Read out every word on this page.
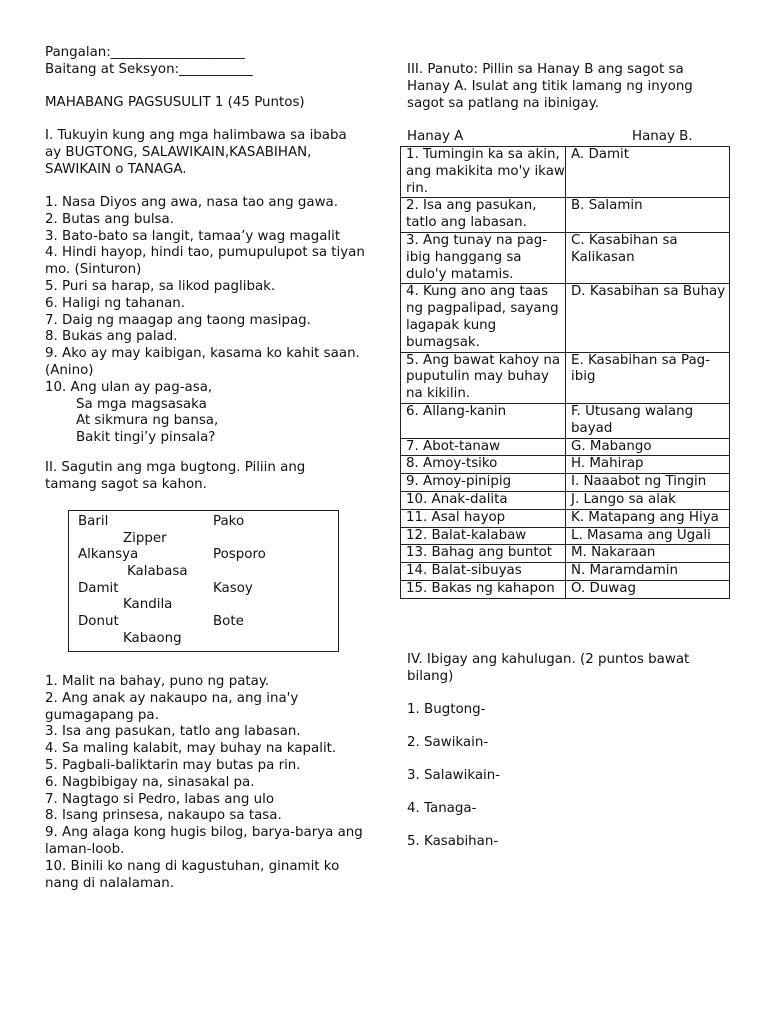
Pangalan:____________________
Baitang at Seksyon:___________
MAHABANG PAGSUSULIT 1 (45 Puntos)
I. Tukuyin kung ang mga halimbawa sa ibaba ay BUGTONG, SALAWIKAIN,KASABIHAN, SAWIKAIN o TANAGA.
1. Nasa Diyos ang awa, nasa tao ang gawa.
2. Butas ang bulsa.
3. Bato-bato sa langit, tamaa’y wag magalit
4. Hindi hayop, hindi tao, pumupulupot sa tiyan mo. (Sinturon)
5. Puri sa harap, sa likod paglibak.
6. Haligi ng tahanan.
7. Daig ng maagap ang taong masipag.
8. Bukas ang palad.
9. Ako ay may kaibigan, kasama ko kahit saan. (Anino)
10. Ang ulan ay pag-asa,
Sa mga magsasaka
At sikmura ng bansa,
Bakit tingi’y pinsala?
II. Sagutin ang mga bugtong. Piliin ang tamang sagot sa kahon.
Baril	Pako
Zipper
Alkansya	Posporo
Kalabasa
Damit	Kasoy
Kandila
Donut	Bote
Kabaong
1. Malit na bahay, puno ng patay.
2. Ang anak ay nakaupo na, ang ina'y gumagapang pa.
3. Isa ang pasukan, tatlo ang labasan.
4. Sa maling kalabit, may buhay na kapalit.
5. Pagbali-baliktarin may butas pa rin.
6. Nagbibigay na, sinasakal pa.
7. Nagtago si Pedro, labas ang ulo
8. Isang prinsesa, nakaupo sa tasa.
9. Ang alaga kong hugis bilog, barya-barya ang laman-loob.
10. Binili ko nang di kagustuhan, ginamit ko nang di nalalaman.
III. Panuto: Pillin sa Hanay B ang sagot sa Hanay A. Isulat ang titik lamang ng inyong sagot sa patlang na ibinigay.
Hanay A	Hanay B.
1. Tumingin ka sa akin, ang makikita mo'y ikaw rin.	A. Damit
2. Isa ang pasukan, tatlo ang labasan.	B. Salamin
3. Ang tunay na pag-ibig hanggang sa dulo'y matamis.	C. Kasabihan sa Kalikasan
4. Kung ano ang taas ng pagpalipad, sayang lagapak kung bumagsak.	D. Kasabihan sa Buhay
5. Ang bawat kahoy na puputulin may buhay na kikilin.	E. Kasabihan sa Pag-ibig
6. Allang-kanin	F. Utusang walang bayad
7. Abot-tanaw	G. Mabango
8. Amoy-tsiko	H. Mahirap
9. Amoy-pinipig	I. Naaabot ng Tingin
10. Anak-dalita	J. Lango sa alak
11. Asal hayop	K. Matapang ang Hiya
12. Balat-kalabaw	L. Masama ang Ugali
13. Bahag ang buntot	M. Nakaraan
14. Balat-sibuyas	N. Maramdamin
15. Bakas ng kahapon	O. Duwag
IV. Ibigay ang kahulugan. (2 puntos bawat bilang)
1. Bugtong-
2. Sawikain-
3. Salawikain-
4. Tanaga-
5. Kasabihan-
